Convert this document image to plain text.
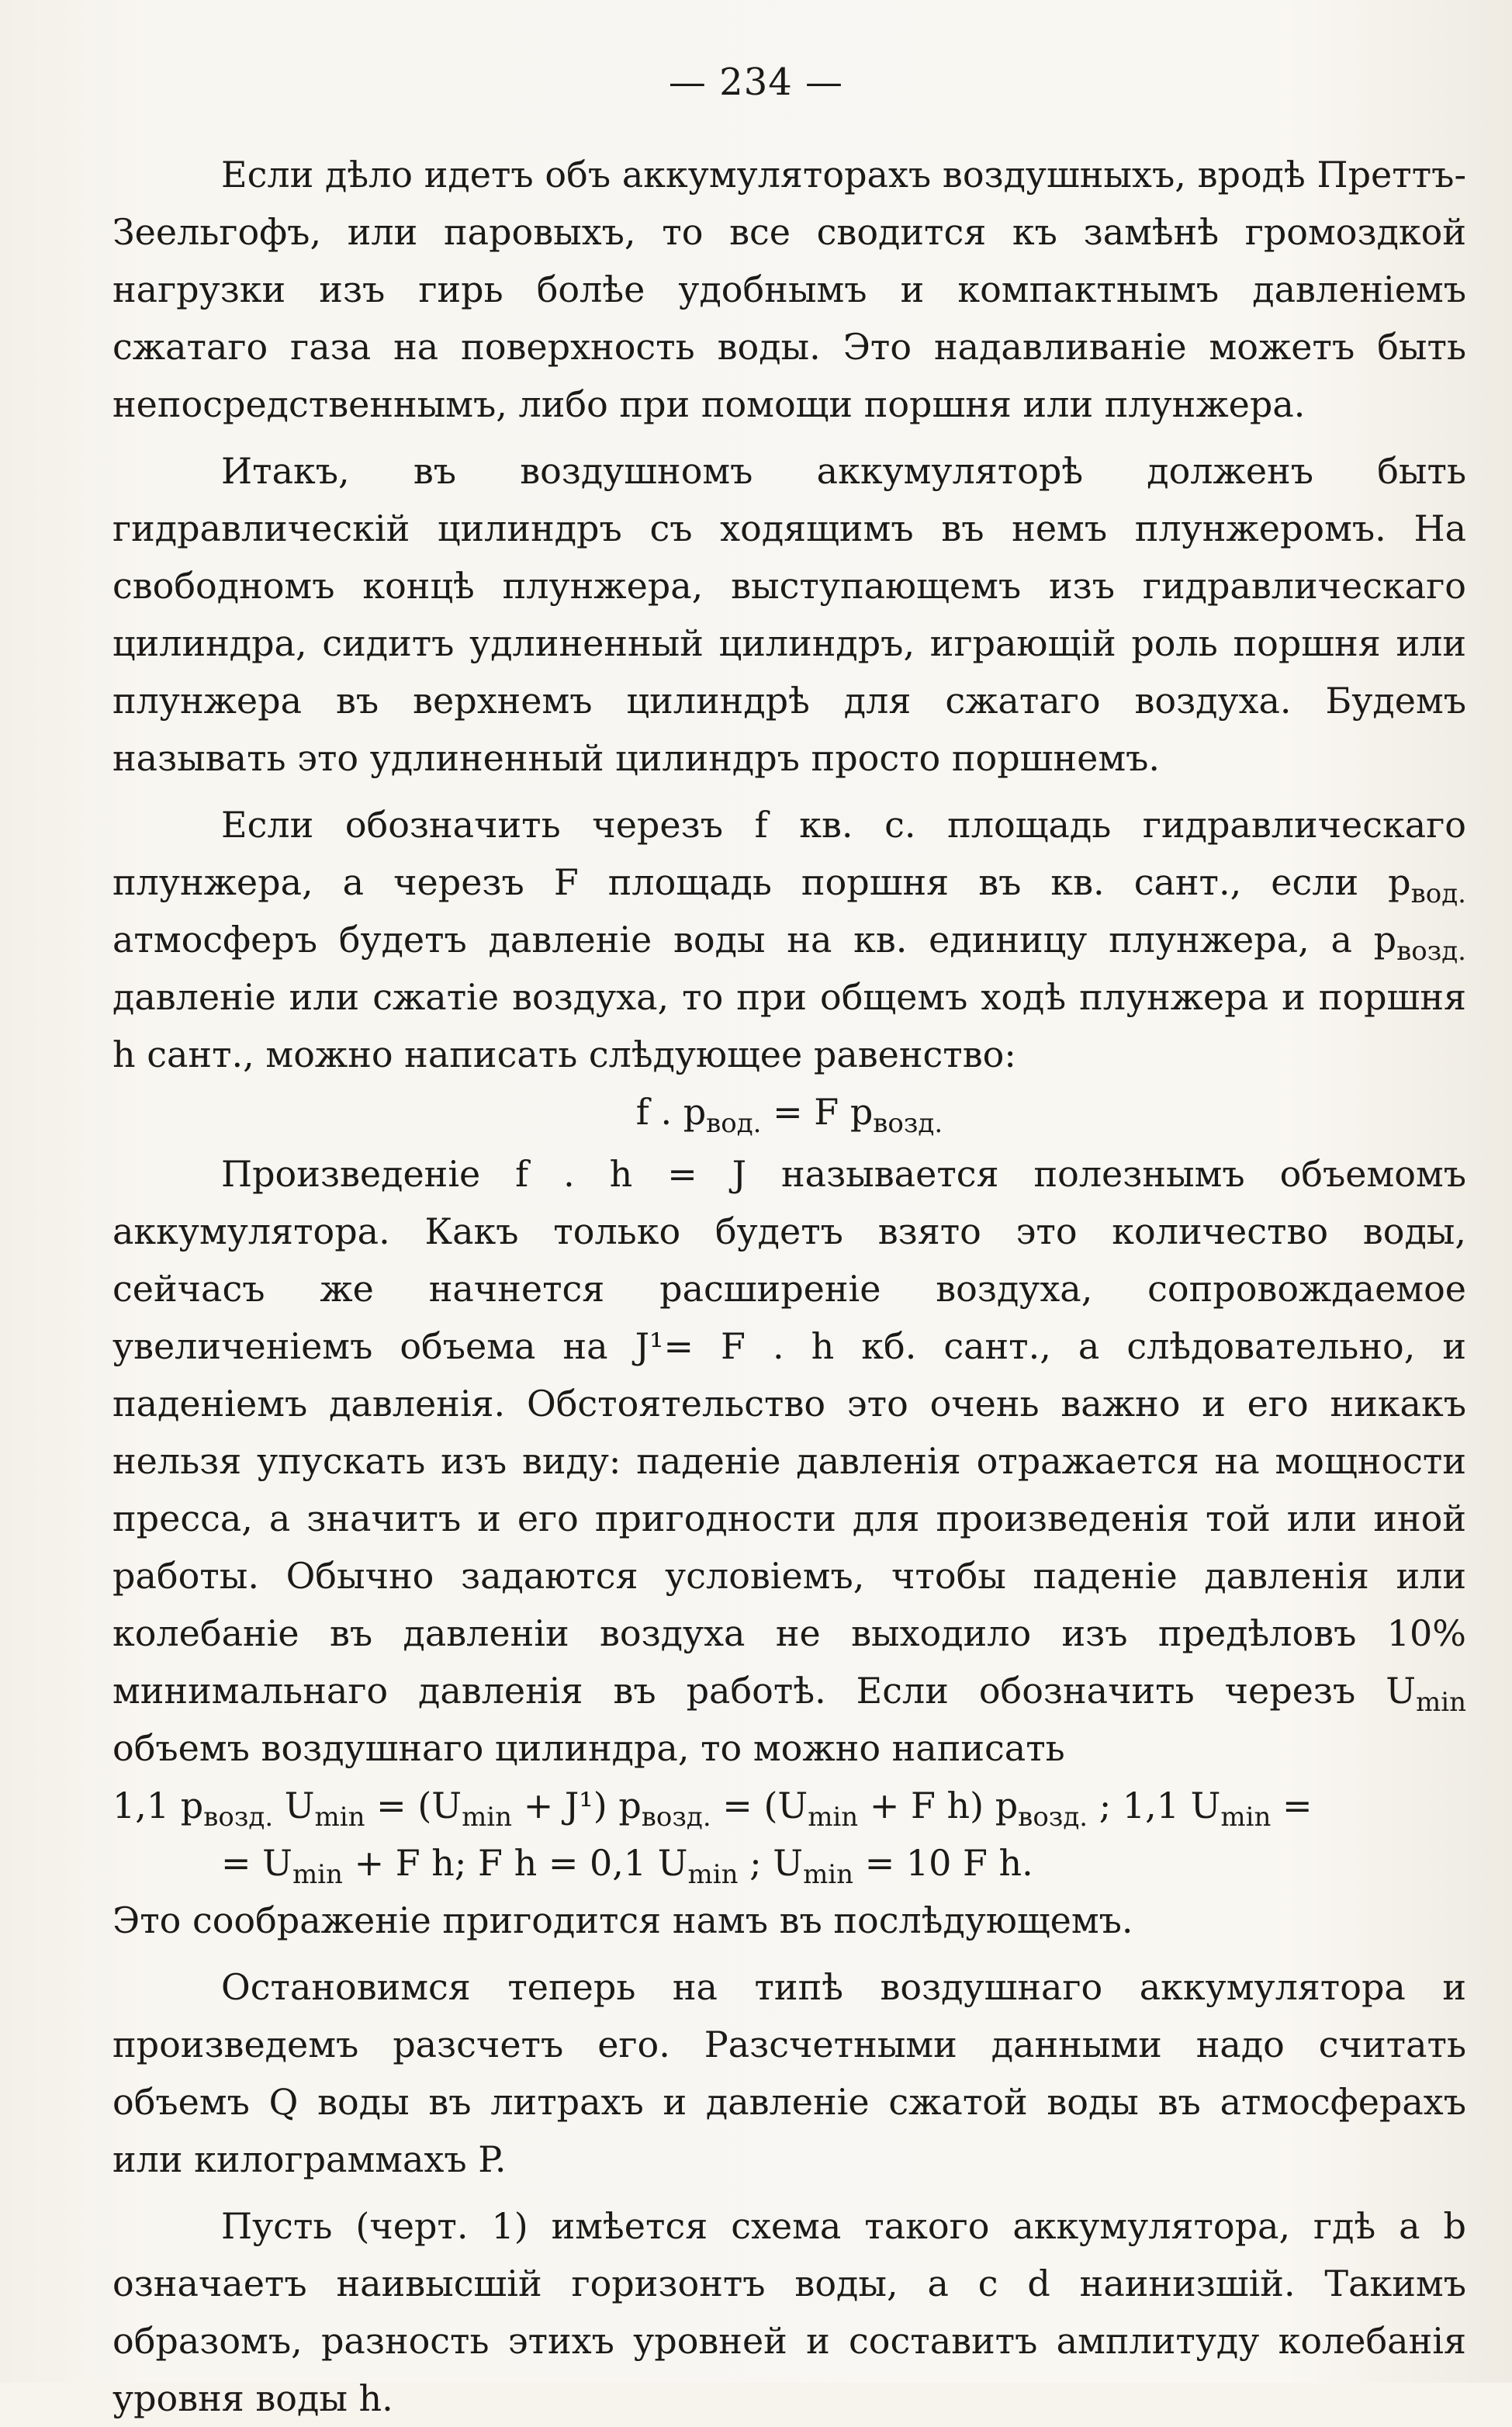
— 234 —

Если дѣло идетъ объ аккумуляторахъ воздушныхъ, вродѣ Преттъ-Зеельгофъ, или паровыхъ, то все сводится къ замѣнѣ громоздкой нагрузки изъ гирь болѣе удобнымъ и компактнымъ давленіемъ сжатаго газа на поверхность воды. Это надавливаніе можетъ быть непосредственнымъ, либо при помощи поршня или плунжера.

Итакъ, въ воздушномъ аккумуляторѣ долженъ быть гидравлическій цилиндръ съ ходящимъ въ немъ плунжеромъ. На свободномъ концѣ плунжера, выступающемъ изъ гидравлическаго цилиндра, сидитъ удлиненный цилиндръ, играющій роль поршня или плунжера въ верхнемъ цилиндрѣ для сжатаго воздуха. Будемъ называть это удлиненный цилиндръ просто поршнемъ.

Если обозначить черезъ f кв. с. площадь гидравлическаго плунжера, а черезъ F площадь поршня въ кв. сант., если $p_{вод.}$ атмосферъ будетъ давленіе воды на кв. единицу плунжера, а $p_{возд.}$ давленіе или сжатіе воздуха, то при общемъ ходѣ плунжера и поршня h сант., можно написать слѣдующее равенство:

f . $p_{вод.} = F$ $p_{возд.}$

Произведеніе f . h = J называется полезнымъ объемомъ аккумулятора. Какъ только будетъ взято это количество воды, сейчасъ же начнется расширеніе воздуха, сопровождаемое увеличеніемъ объема на J¹= F . h кб. сант., а слѣдовательно, и паденіемъ давленія. Обстоятельство это очень важно и его никакъ нельзя упускать изъ виду: паденіе давленія отражается на мощности пресса, а значитъ и его пригодности для произведенія той или иной работы. Обычно задаются условіемъ, чтобы паденіе давленія или колебаніе въ давленіи воздуха не выходило изъ предѣловъ 10% минимальнаго давленія въ работѣ. Если обозначить черезъ $U_{min}$ объемъ воздушнаго цилиндра, то можно написать

1,1 $p_{возд.}$ $U_{min} = (U_{min} + J^1) p_{возд.} = (U_{min} + F$ h) $p_{возд.}$ ; 1,1 $U_{min}$ =

= $U_{min} + F$ h; F h = 0,1 $U_{min}$ ; $U_{min} = 10$ F h.

Это соображеніе пригодится намъ въ послѣдующемъ.

Остановимся теперь на типѣ воздушнаго аккумулятора и произведемъ разсчетъ его. Разсчетными данными надо считать объемъ Q воды въ литрахъ и давленіе сжатой воды въ атмосферахъ или килограммахъ P.

Пусть (черт. 1) имѣется схема такого аккумулятора, гдѣ a b означаетъ наивысшій горизонтъ воды, а c d наинизшій. Такимъ образомъ, разность этихъ уровней и составитъ амплитуду колебанія уровня воды h.
